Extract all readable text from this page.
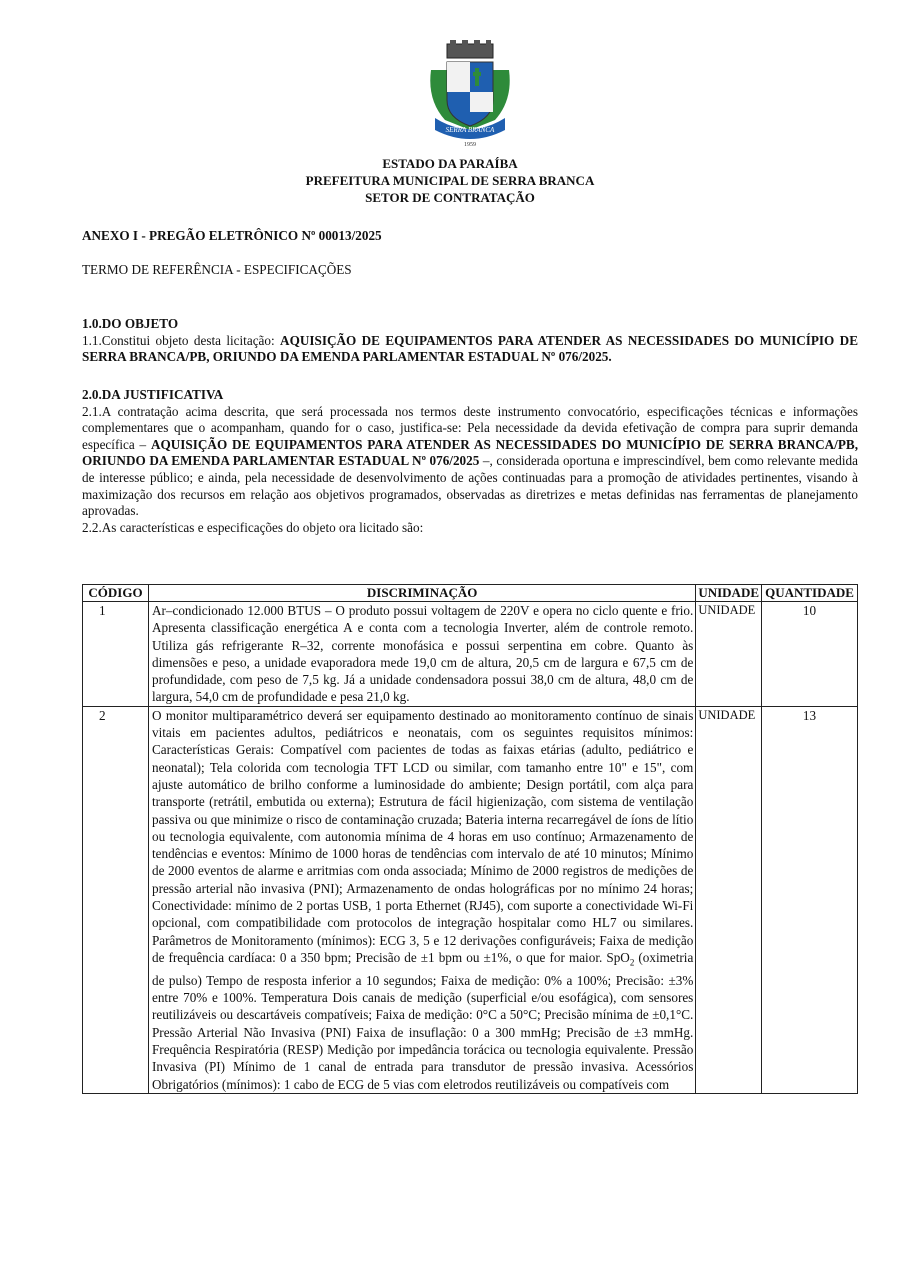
SERRA BRANCA
1959
ESTADO DA PARAÍBA
PREFEITURA MUNICIPAL DE SERRA BRANCA
SETOR DE CONTRATAÇÃO
ANEXO I - PREGÃO ELETRÔNICO Nº 00013/2025
TERMO DE REFERÊNCIA - ESPECIFICAÇÕES
1.0.DO OBJETO
1.1.Constitui objeto desta licitação: AQUISIÇÃO DE EQUIPAMENTOS PARA ATENDER AS NECESSIDADES DO MUNICÍPIO DE SERRA BRANCA/PB, ORIUNDO DA EMENDA PARLAMENTAR ESTADUAL Nº 076/2025.
2.0.DA JUSTIFICATIVA
2.1.A contratação acima descrita, que será processada nos termos deste instrumento convocatório, especificações técnicas e informações complementares que o acompanham, quando for o caso, justifica-se: Pela necessidade da devida efetivação de compra para suprir demanda específica – AQUISIÇÃO DE EQUIPAMENTOS PARA ATENDER AS NECESSIDADES DO MUNICÍPIO DE SERRA BRANCA/PB, ORIUNDO DA EMENDA PARLAMENTAR ESTADUAL Nº 076/2025 –, considerada oportuna e imprescindível, bem como relevante medida de interesse público; e ainda, pela necessidade de desenvolvimento de ações continuadas para a promoção de atividades pertinentes, visando à maximização dos recursos em relação aos objetivos programados, observadas as diretrizes e metas definidas nas ferramentas de planejamento aprovadas.
2.2.As características e especificações do objeto ora licitado são:
CÓDIGO	DISCRIMINAÇÃO	UNIDADE	QUANTIDADE
1	Ar–condicionado 12.000 BTUS – O produto possui voltagem de 220V e opera no ciclo quente e frio. Apresenta classificação energética A e conta com a tecnologia Inverter, além de controle remoto. Utiliza gás refrigerante R–32, corrente monofásica e possui serpentina em cobre. Quanto às dimensões e peso, a unidade evaporadora mede 19,0 cm de altura, 20,5 cm de largura e 67,5 cm de profundidade, com peso de 7,5 kg. Já a unidade condensadora possui 38,0 cm de altura, 48,0 cm de largura, 54,0 cm de profundidade e pesa 21,0 kg.	UNIDADE	10
2	O monitor multiparamétrico deverá ser equipamento destinado ao monitoramento contínuo de sinais vitais em pacientes adultos, pediátricos e neonatais, com os seguintes requisitos mínimos: Características Gerais: Compatível com pacientes de todas as faixas etárias (adulto, pediátrico e neonatal); Tela colorida com tecnologia TFT LCD ou similar, com tamanho entre 10" e 15", com ajuste automático de brilho conforme a luminosidade do ambiente; Design portátil, com alça para transporte (retrátil, embutida ou externa); Estrutura de fácil higienização, com sistema de ventilação passiva ou que minimize o risco de contaminação cruzada; Bateria interna recarregável de íons de lítio ou tecnologia equivalente, com autonomia mínima de 4 horas em uso contínuo; Armazenamento de tendências e eventos: Mínimo de 1000 horas de tendências com intervalo de até 10 minutos; Mínimo de 2000 eventos de alarme e arritmias com onda associada; Mínimo de 2000 registros de medições de pressão arterial não invasiva (PNI); Armazenamento de ondas holográficas por no mínimo 24 horas; Conectividade: mínimo de 2 portas USB, 1 porta Ethernet (RJ45), com suporte a conectividade Wi-Fi opcional, com compatibilidade com protocolos de integração hospitalar como HL7 ou similares. Parâmetros de Monitoramento (mínimos): ECG 3, 5 e 12 derivações configuráveis; Faixa de medição de frequência cardíaca: 0 a 350 bpm; Precisão de ±1 bpm ou ±1%, o que for maior. SpO$_2$ (oximetria de pulso) Tempo de resposta inferior a 10 segundos; Faixa de medição: 0% a 100%; Precisão: ±3% entre 70% e 100%. Temperatura Dois canais de medição (superficial e/ou esofágica), com sensores reutilizáveis ou descartáveis compatíveis; Faixa de medição: 0°C a 50°C; Precisão mínima de ±0,1°C. Pressão Arterial Não Invasiva (PNI) Faixa de insuflação: 0 a 300 mmHg; Precisão de ±3 mmHg. Frequência Respiratória (RESP) Medição por impedância torácica ou tecnologia equivalente. Pressão Invasiva (PI) Mínimo de 1 canal de entrada para transdutor de pressão invasiva. Acessórios Obrigatórios (mínimos): 1 cabo de ECG de 5 vias com eletrodos reutilizáveis ou compatíveis com	UNIDADE	13
